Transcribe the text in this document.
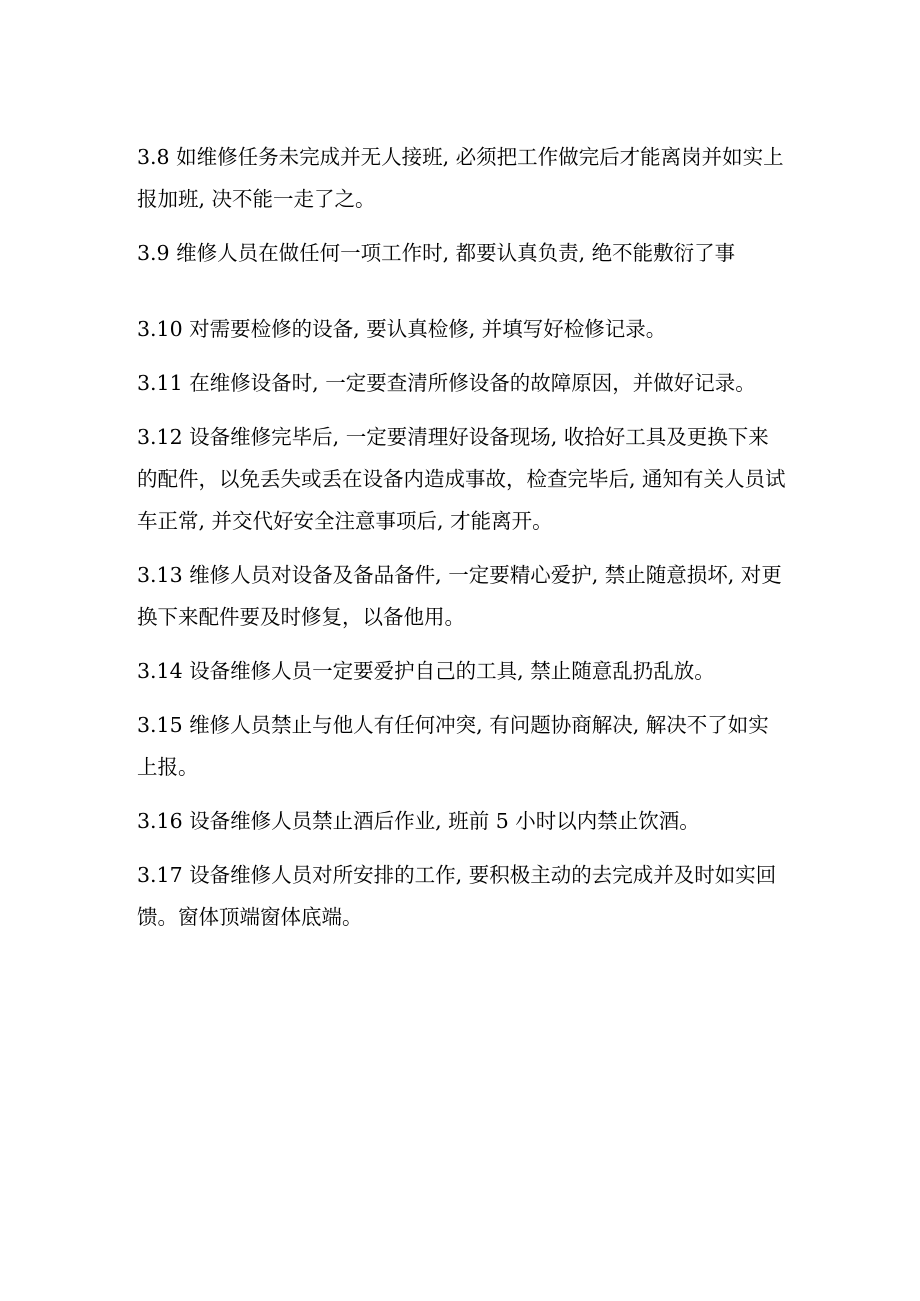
3.8 如维修任务未完成并无人接班, 必须把工作做完后才能离岗并如实上报加班, 决不能一走了之。

3.9 维修人员在做任何一项工作时, 都要认真负责, 绝不能敷衍了事

3.10 对需要检修的设备, 要认真检修, 并填写好检修记录。

3.11 在维修设备时, 一定要查清所修设备的故障原因，并做好记录。

3.12 设备维修完毕后, 一定要清理好设备现场, 收拾好工具及更换下来的配件，以免丢失或丢在设备内造成事故，检查完毕后, 通知有关人员试车正常, 并交代好安全注意事项后, 才能离开。

3.13 维修人员对设备及备品备件, 一定要精心爱护, 禁止随意损坏, 对更换下来配件要及时修复，以备他用。

3.14 设备维修人员一定要爱护自己的工具, 禁止随意乱扔乱放。

3.15 维修人员禁止与他人有任何冲突, 有问题协商解决, 解决不了如实上报。

3.16 设备维修人员禁止酒后作业, 班前 5 小时以内禁止饮酒。

3.17 设备维修人员对所安排的工作, 要积极主动的去完成并及时如实回馈。窗体顶端窗体底端。
